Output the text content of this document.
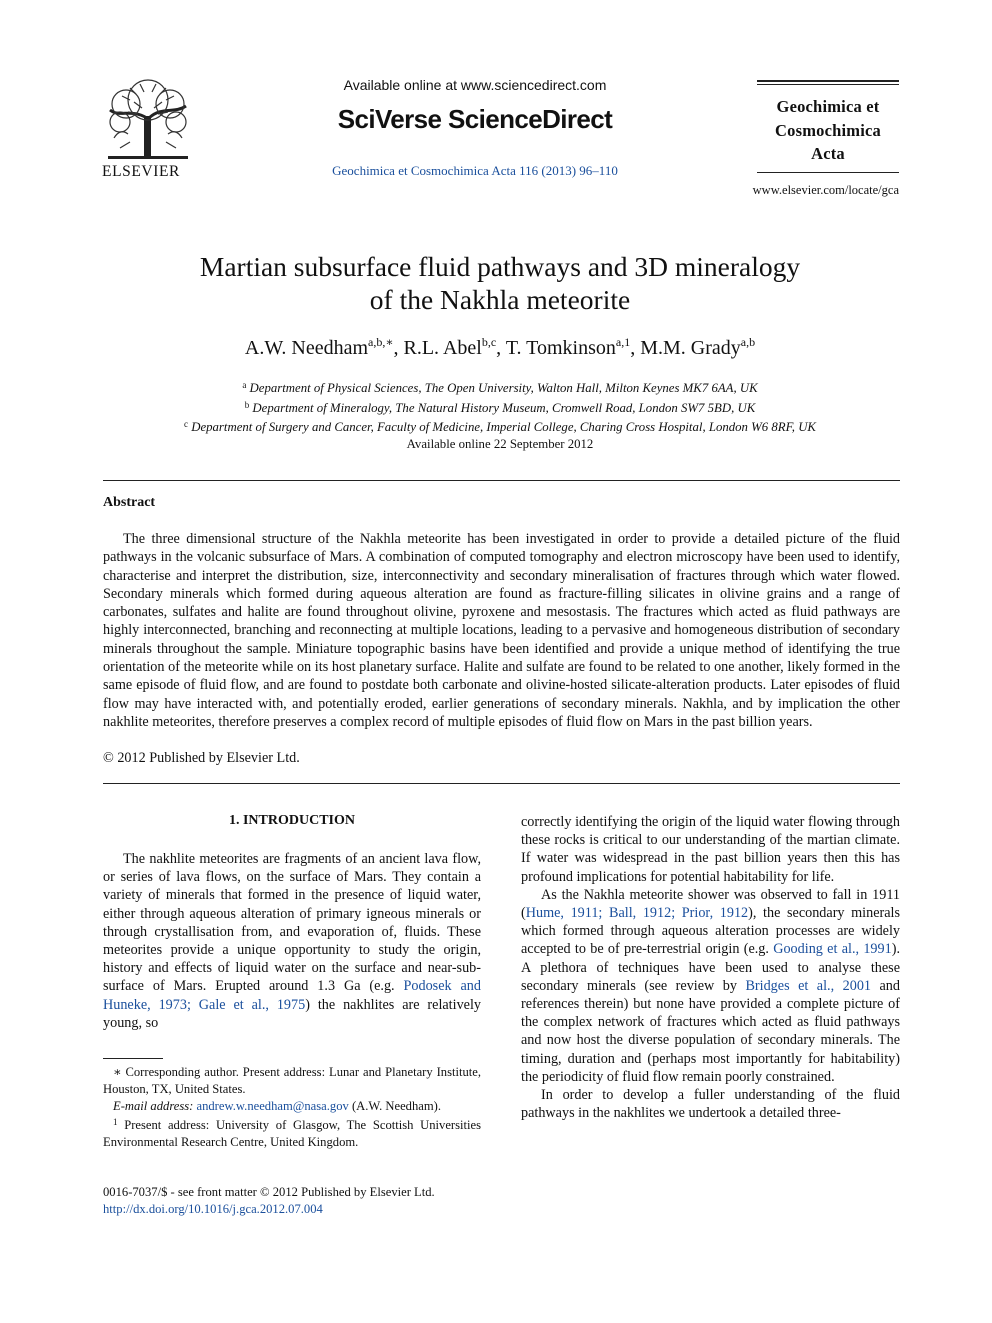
ELSEVIER
Available online at www.sciencedirect.com
SciVerse ScienceDirect
Geochimica et Cosmochimica Acta 116 (2013) 96–110
Geochimica et
Cosmochimica
Acta
www.elsevier.com/locate/gca
Martian subsurface fluid pathways and 3D mineralogy
of the Nakhla meteorite
A.W. Needham$^{a,b,∗}$, R.L. Abel$^{b,c}$, T. Tomkinson$^{a,1}$, M.M. Grady$^{a,b}$
$^a$ Department of Physical Sciences, The Open University, Walton Hall, Milton Keynes MK7 6AA, UK
$^b$ Department of Mineralogy, The Natural History Museum, Cromwell Road, London SW7 5BD, UK
$^c$ Department of Surgery and Cancer, Faculty of Medicine, Imperial College, Charing Cross Hospital, London W6 8RF, UK
Available online 22 September 2012
Abstract

The three dimensional structure of the Nakhla meteorite has been investigated in order to provide a detailed picture of the fluid pathways in the volcanic subsurface of Mars. A combination of computed tomography and electron microscopy have been used to identify, characterise and interpret the distribution, size, interconnectivity and secondary mineralisation of fractures through which water flowed. Secondary minerals which formed during aqueous alteration are found as fracture-filling silicates in olivine grains and a range of carbonates, sulfates and halite are found throughout olivine, pyroxene and mesostasis. The fractures which acted as fluid pathways are highly interconnected, branching and reconnecting at multiple locations, leading to a pervasive and homogeneous distribution of secondary minerals throughout the sample. Miniature topographic basins have been identified and provide a unique method of identifying the true orientation of the meteorite while on its host planetary surface. Halite and sulfate are found to be related to one another, likely formed in the same episode of fluid flow, and are found to postdate both carbonate and olivine-hosted silicate-alteration products. Later episodes of fluid flow may have interacted with, and potentially eroded, earlier generations of secondary minerals. Nakhla, and by implication the other nakhlite meteorites, therefore preserves a complex record of multiple episodes of fluid flow on Mars in the past billion years.

© 2012 Published by Elsevier Ltd.
1. INTRODUCTION

The nakhlite meteorites are fragments of an ancient lava flow, or series of lava flows, on the surface of Mars. They contain a variety of minerals that formed in the presence of liquid water, either through aqueous alteration of primary igneous minerals or through crystallisation from, and evaporation of, fluids. These meteorites provide a unique opportunity to study the origin, history and effects of liquid water on the surface and near-sub-surface of Mars. Erupted around 1.3 Ga (e.g. Podosek and Huneke, 1973; Gale et al., 1975) the nakhlites are relatively young, so

∗ Corresponding author. Present address: Lunar and Planetary Institute, Houston, TX, United States.

E-mail address: andrew.w.needham@nasa.gov (A.W. Needham).

$^1$ Present address: University of Glasgow, The Scottish Universities Environmental Research Centre, United Kingdom.

0016-7037/$ - see front matter © 2012 Published by Elsevier Ltd.
http://dx.doi.org/10.1016/j.gca.2012.07.004

correctly identifying the origin of the liquid water flowing through these rocks is critical to our understanding of the martian climate. If water was widespread in the past billion years then this has profound implications for potential habitability for life.

As the Nakhla meteorite shower was observed to fall in 1911 (Hume, 1911; Ball, 1912; Prior, 1912), the secondary minerals which formed through aqueous alteration processes are widely accepted to be of pre-terrestrial origin (e.g. Gooding et al., 1991). A plethora of techniques have been used to analyse these secondary minerals (see review by Bridges et al., 2001 and references therein) but none have provided a complete picture of the complex network of fractures which acted as fluid pathways and now host the diverse population of secondary minerals. The timing, duration and (perhaps most importantly for habitability) the periodicity of fluid flow remain poorly constrained.

In order to develop a fuller understanding of the fluid pathways in the nakhlites we undertook a detailed three-
